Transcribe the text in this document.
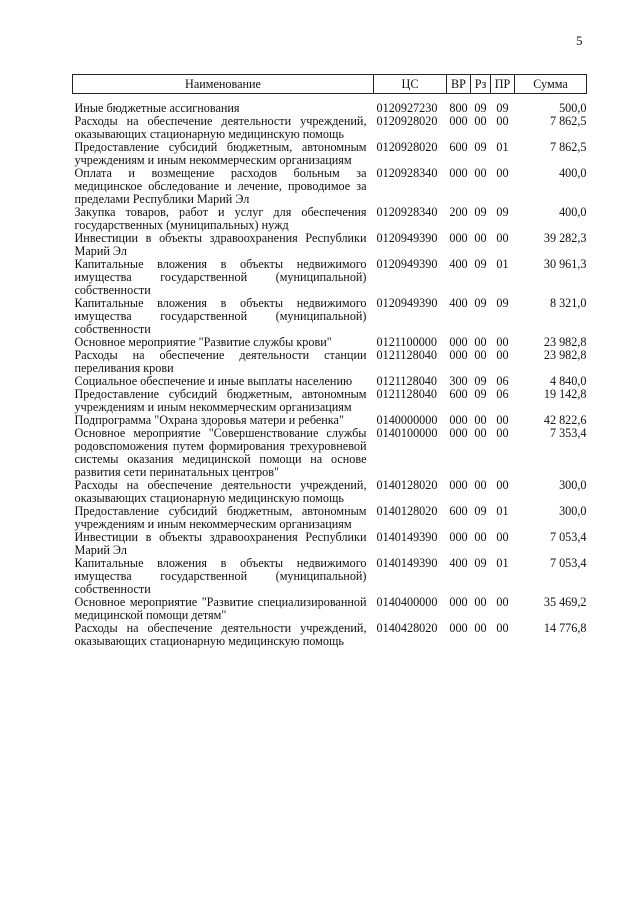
5
Наименование	ЦС	ВР	Рз	ПР	Сумма
Иные бюджетные ассигнования	0120927230	800	09	09	500,0
Расходы на обеспечение деятельности учреждений, оказывающих стационарную медицинскую помощь	0120928020	000	00	00	7 862,5
Предоставление субсидий бюджетным, автономным учреждениям и иным некоммерческим организациям	0120928020	600	09	01	7 862,5
Оплата и возмещение расходов больным за медицинское обследование и лечение, проводимое за пределами Республики Марий Эл	0120928340	000	00	00	400,0
Закупка товаров, работ и услуг для обеспечения государственных (муниципальных) нужд	0120928340	200	09	09	400,0
Инвестиции в объекты здравоохранения Республики Марий Эл	0120949390	000	00	00	39 282,3
Капитальные вложения в объекты недвижимого имущества государственной (муниципальной) собственности	0120949390	400	09	01	30 961,3
Капитальные вложения в объекты недвижимого имущества государственной (муниципальной) собственности	0120949390	400	09	09	8 321,0
Основное мероприятие "Развитие службы крови"	0121100000	000	00	00	23 982,8
Расходы на обеспечение деятельности станции переливания крови	0121128040	000	00	00	23 982,8
Социальное обеспечение и иные выплаты населению	0121128040	300	09	06	4 840,0
Предоставление субсидий бюджетным, автономным учреждениям и иным некоммерческим организациям	0121128040	600	09	06	19 142,8
Подпрограмма "Охрана здоровья матери и ребенка"	0140000000	000	00	00	42 822,6
Основное мероприятие "Совершенствование службы родовспоможения путем формирования трехуровневой системы оказания медицинской помощи на основе развития сети перинатальных центров"	0140100000	000	00	00	7 353,4
Расходы на обеспечение деятельности учреждений, оказывающих стационарную медицинскую помощь	0140128020	000	00	00	300,0
Предоставление субсидий бюджетным, автономным учреждениям и иным некоммерческим организациям	0140128020	600	09	01	300,0
Инвестиции в объекты здравоохранения Республики Марий Эл	0140149390	000	00	00	7 053,4
Капитальные вложения в объекты недвижимого имущества государственной (муниципальной) собственности	0140149390	400	09	01	7 053,4
Основное мероприятие "Развитие специализированной медицинской помощи детям"	0140400000	000	00	00	35 469,2
Расходы на обеспечение деятельности учреждений, оказывающих стационарную медицинскую помощь	0140428020	000	00	00	14 776,8
